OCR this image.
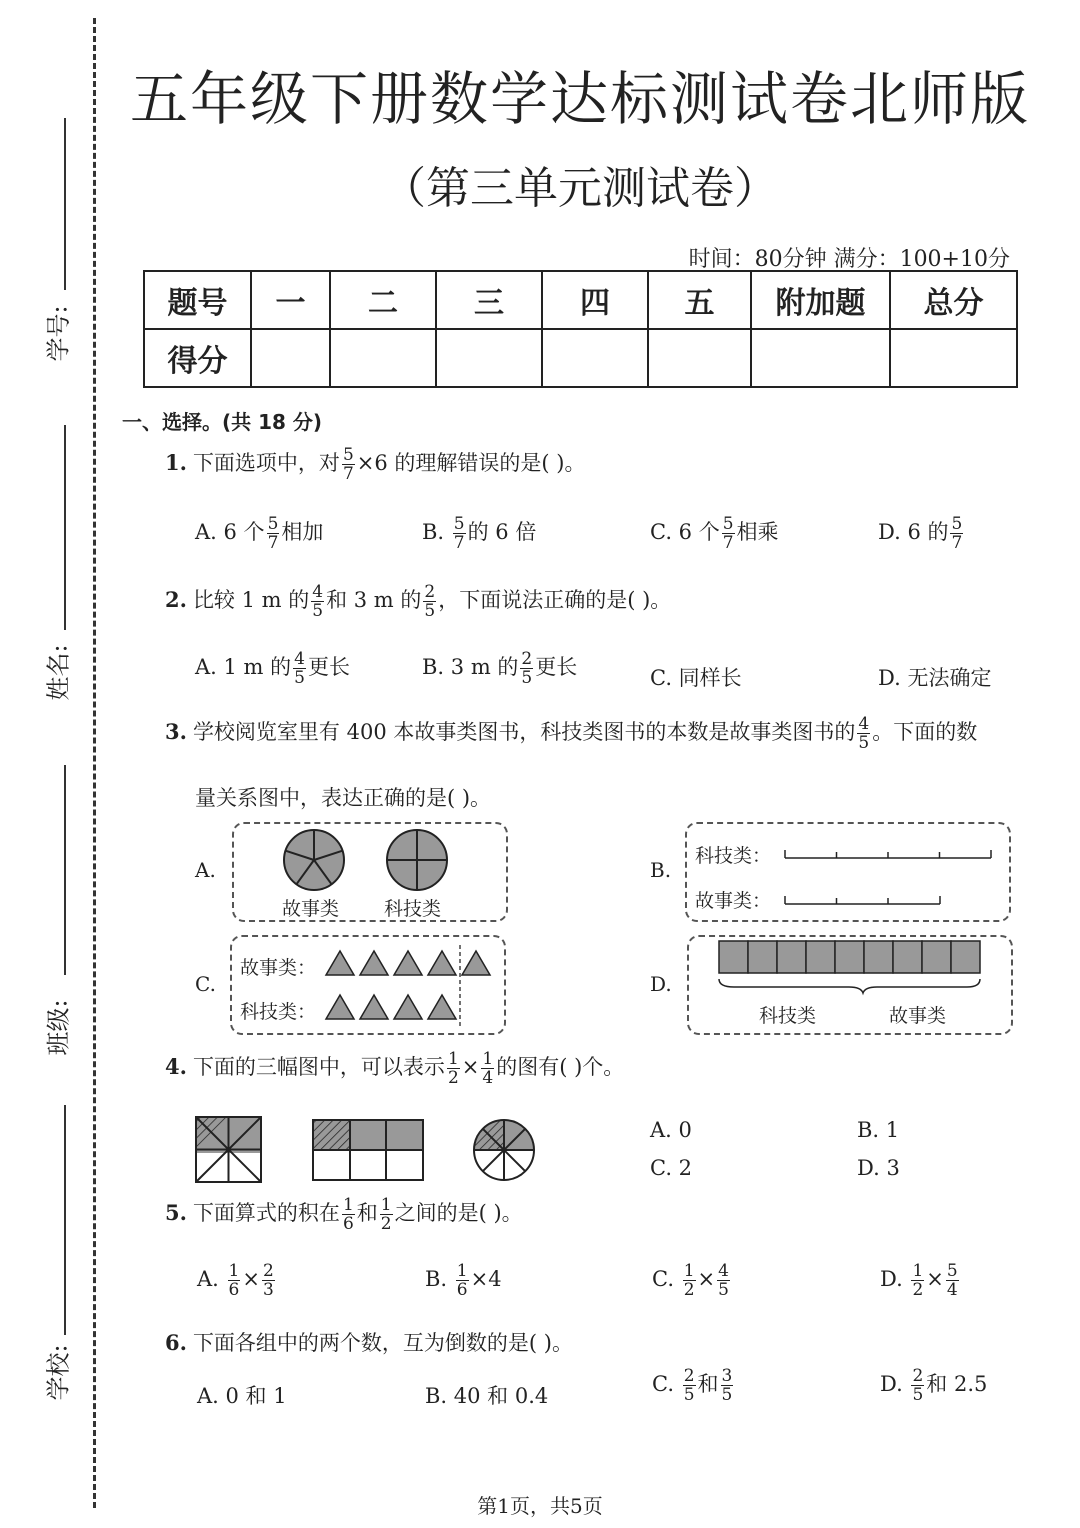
学号:
姓名:
班级:
学校:
五年级下册数学达标测试卷北师版
（第三单元测试卷）
时间：80分钟 满分：100+10分
题号	一	二	三	四	五	附加题	总分
得分							
一、选择。(共 18 分)
1. 下面选项中，对 $\frac{5}{7} \times 6$ 的理解错误的是( )。
A. 6 个 $\frac{5}{7}$ 相加	B. $\frac{5}{7}$ 的 6 倍	C. 6 个 $\frac{5}{7}$ 相乘	D. 6 的 $\frac{5}{7}$
2. 比较 1 m 的 $\frac{4}{5}$ 和 3 m 的 $\frac{2}{5}$ ，下面说法正确的是( )。
A. 1 m 的 $\frac{4}{5}$ 更长	B. 3 m 的 $\frac{2}{5}$ 更长	C. 同样长	D. 无法确定
3. 学校阅览室里有 400 本故事类图书，科技类图书的本数是故事类图书的 $\frac{4}{5}$ 。下面的数
量关系图中，表达正确的是( )。
A.
故事类 科技类
B.
科技类：
故事类：
C.
故事类：
科技类：
D.
科技类	故事类
4. 下面的三幅图中，可以表示 $\frac{1}{2} \times \frac{1}{4}$ 的图有( )个。
A. 0	B. 1
C. 2	D. 3
5. 下面算式的积在 $\frac{1}{6}$ 和 $\frac{1}{2}$ 之间的是( )。
A. $\frac{1}{6} \times \frac{2}{3}$	B. $\frac{1}{6} \times 4$	C. $\frac{1}{2} \times \frac{4}{5}$	D. $\frac{1}{2} \times \frac{5}{4}$
6. 下面各组中的两个数，互为倒数的是( )。
A. 0 和 1	B. 40 和 0.4	C. $\frac{2}{5}$ 和 $\frac{3}{5}$	D. $\frac{2}{5}$ 和 2.5
第1页，共5页
